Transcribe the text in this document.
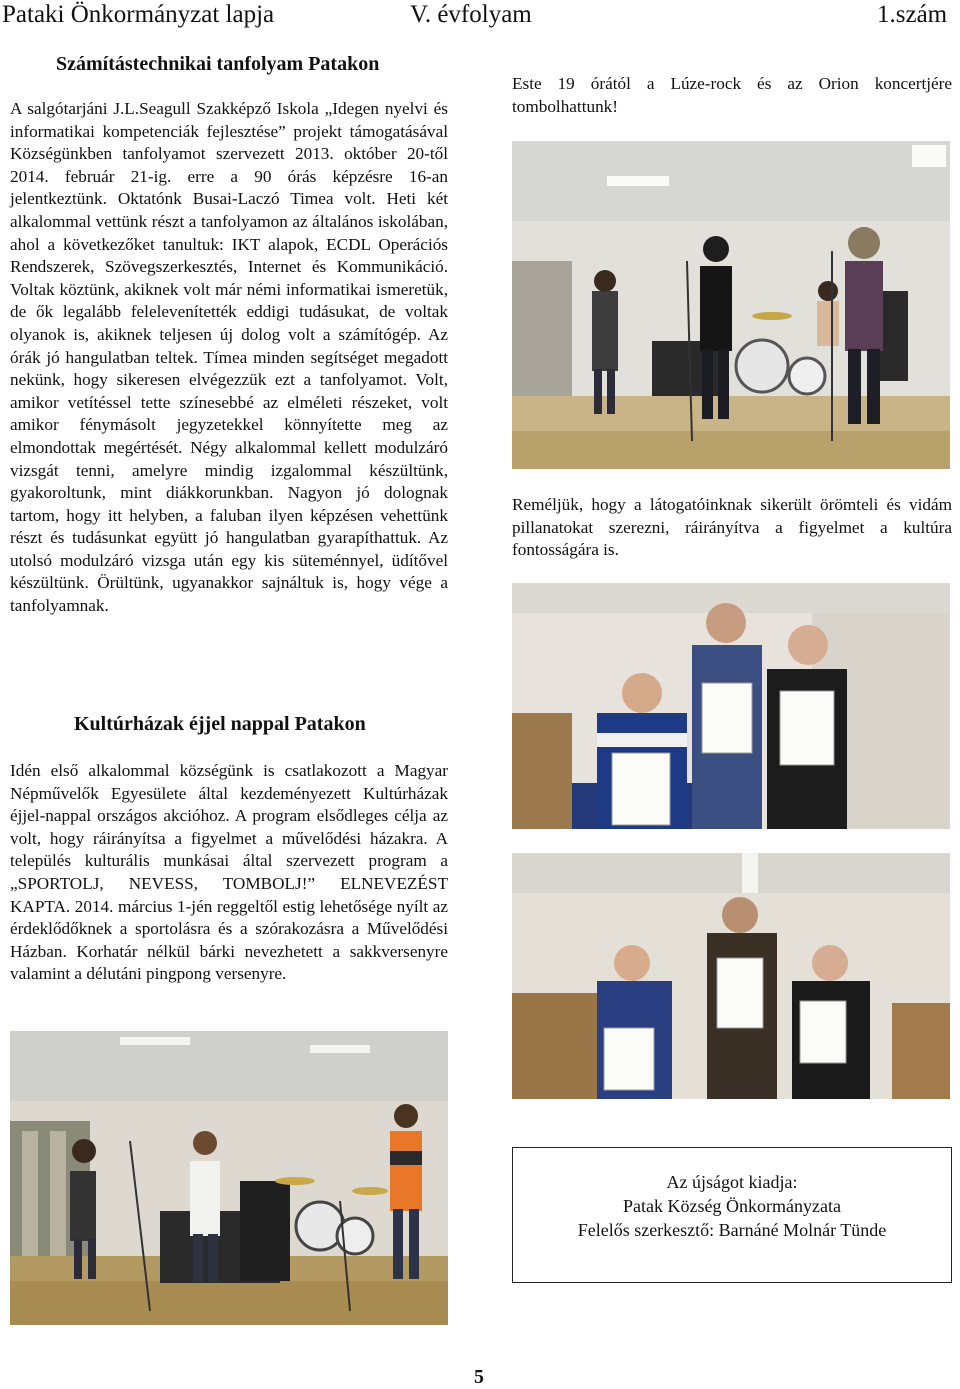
Pataki Önkormányzat lapja	V. évfolyam	1.szám
Számítástechnikai tanfolyam Patakon

A salgótarjáni J.L.Seagull Szakképző Iskola „Idegen nyelvi és informatikai kompetenciák fejlesztése” projekt támogatásával Községünkben tanfolyamot szervezett 2013. október 20-től 2014. február 21-ig. erre a 90 órás képzésre 16-an jelentkeztünk. Oktatónk Busai-Laczó Timea volt. Heti két alkalommal vettünk részt a tanfolyamon az általános iskolában, ahol a következőket tanultuk: IKT alapok, ECDL Operációs Rendszerek, Szövegszerkesztés, Internet és Kommunikáció. Voltak köztünk, akiknek volt már némi informatikai ismeretük, de ők legalább felelevenítették eddigi tudásukat, de voltak olyanok is, akiknek teljesen új dolog volt a számítógép. Az órák jó hangulatban teltek. Tímea minden segítséget megadott nekünk, hogy sikeresen elvégezzük ezt a tanfolyamot. Volt, amikor vetítéssel tette színesebbé az elméleti részeket, volt amikor fénymásolt jegyzetekkel könnyítette meg az elmondottak megértését. Négy alkalommal kellett modulzáró vizsgát tenni, amelyre mindig izgalommal készültünk, gyakoroltunk, mint diákkorunkban. Nagyon jó dolognak tartom, hogy itt helyben, a faluban ilyen képzésen vehettünk részt és tudásunkat együtt jó hangulatban gyarapíthattuk. Az utolsó modulzáró vizsga után egy kis süteménnyel, üdítővel készültünk. Örültünk, ugyanakkor sajnáltuk is, hogy vége a tanfolyamnak.

Kultúrházak éjjel nappal Patakon

Idén első alkalommal községünk is csatlakozott a Magyar Népművelők Egyesülete által kezdeményezett Kultúrházak éjjel-nappal országos akcióhoz. A program elsődleges célja az volt, hogy ráirányítsa a figyelmet a művelődési házakra. A település kulturális munkásai által szervezett program a „SPORTOLJ, NEVESS, TOMBOLJ!” ELNEVEZÉST KAPTA. 2014. március 1-jén reggeltől estig lehetősége nyílt az érdeklődőknek a sportolásra és a szórakozásra a Művelődési Házban. Korhatár nélkül bárki nevezhetett a sakkversenyre valamint a délutáni pingpong versenyre.

Este 19 órától a Lúze-rock és az Orion koncertjére tombolhattunk!

Reméljük, hogy a látogatóinknak sikerült örömteli és vidám pillanatokat szerezni, ráirányítva a figyelmet a kultúra fontosságára is.

Az újságot kiadja:
Patak Község Önkormányzata
Felelős szerkesztő: Barnáné Molnár Tünde
5
